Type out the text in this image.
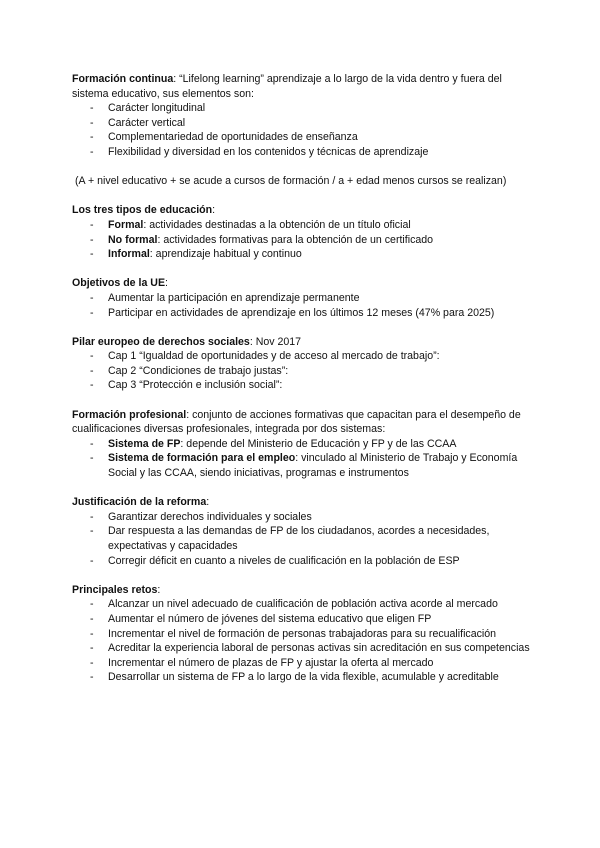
Formación continua: “Lifelong learning” aprendizaje a lo largo de la vida dentro y fuera del sistema educativo, sus elementos son:

- Carácter longitudinal
- Carácter vertical
- Complementariedad de oportunidades de enseñanza
- Flexibilidad y diversidad en los contenidos y técnicas de aprendizaje

(A + nivel educativo + se acude a cursos de formación / a + edad menos cursos se realizan)

Los tres tipos de educación:

- Formal: actividades destinadas a la obtención de un título oficial
- No formal: actividades formativas para la obtención de un certificado
- Informal: aprendizaje habitual y continuo

Objetivos de la UE:

- Aumentar la participación en aprendizaje permanente
- Participar en actividades de aprendizaje en los últimos 12 meses (47% para 2025)

Pilar europeo de derechos sociales: Nov 2017

- Cap 1 “Igualdad de oportunidades y de acceso al mercado de trabajo”:
- Cap 2 “Condiciones de trabajo justas”:
- Cap 3 “Protección e inclusión social”:

Formación profesional: conjunto de acciones formativas que capacitan para el desempeño de cualificaciones diversas profesionales, integrada por dos sistemas:

- Sistema de FP: depende del Ministerio de Educación y FP y de las CCAA
- Sistema de formación para el empleo: vinculado al Ministerio de Trabajo y Economía Social y las CCAA, siendo iniciativas, programas e instrumentos

Justificación de la reforma:

- Garantizar derechos individuales y sociales
- Dar respuesta a las demandas de FP de los ciudadanos, acordes a necesidades, expectativas y capacidades
- Corregir déficit en cuanto a niveles de cualificación en la población de ESP

Principales retos:

- Alcanzar un nivel adecuado de cualificación de población activa acorde al mercado
- Aumentar el número de jóvenes del sistema educativo que eligen FP
- Incrementar el nivel de formación de personas trabajadoras para su recualificación
- Acreditar la experiencia laboral de personas activas sin acreditación en sus competencias
- Incrementar el número de plazas de FP y ajustar la oferta al mercado
- Desarrollar un sistema de FP a lo largo de la vida flexible, acumulable y acreditable
